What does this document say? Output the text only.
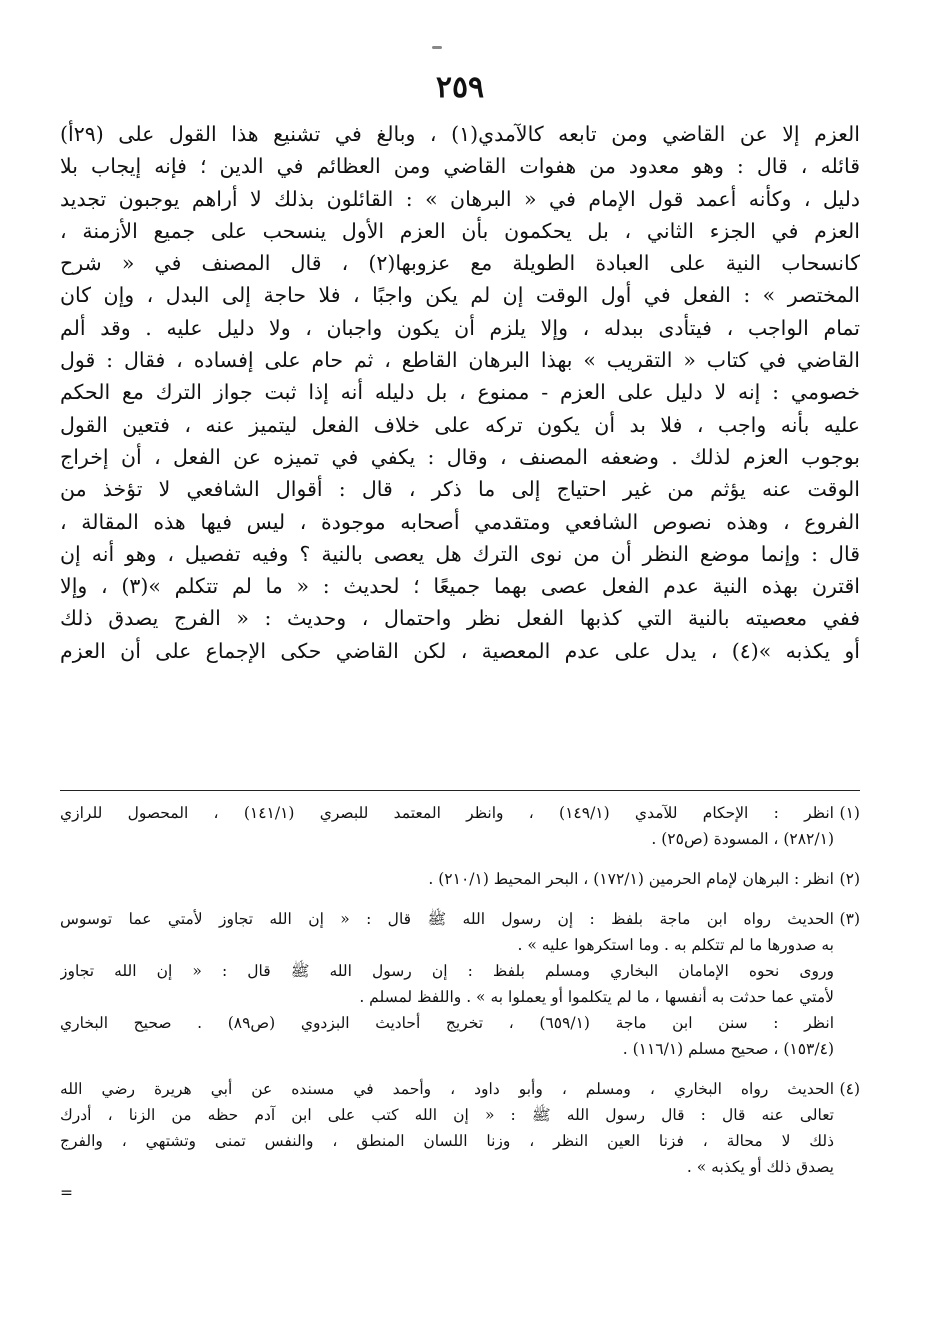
٢٥٩
العزم إلا عن القاضي ومن تابعه كالآمدي(١) ، وبالغ في تشنيع هذا القول على (٢٩أ)
قائله ، قال : وهو معدود من هفوات القاضي ومن العظائم في الدين ؛ فإنه إيجاب بلا
دليل ، وكأنه أعمد قول الإمام في « البرهان » : القائلون بذلك لا أراهم يوجبون تجديد
العزم في الجزء الثاني ، بل يحكمون بأن العزم الأول ينسحب على جميع الأزمنة ،
كانسحاب النية على العبادة الطويلة مع عزوبها(٢) ، قال المصنف في « شرح
المختصر » : الفعل في أول الوقت إن لم يكن واجبًا ، فلا حاجة إلى البدل ، وإن كان
تمام الواجب ، فيتأدى ببدله ، وإلا يلزم أن يكون واجبان ، ولا دليل عليه . وقد ألم
القاضي في كتاب « التقريب » بهذا البرهان القاطع ، ثم حام على إفساده ، فقال : قول
خصومي : إنه لا دليل على العزم - ممنوع ، بل دليله أنه إذا ثبت جواز الترك مع الحكم
عليه بأنه واجب ، فلا بد أن يكون تركه على خلاف الفعل ليتميز عنه ، فتعين القول
بوجوب العزم لذلك . وضعفه المصنف ، وقال : يكفي في تميزه عن الفعل ، أن إخراج
الوقت عنه يؤثم من غير احتياج إلى ما ذكر ، قال : أقوال الشافعي لا تؤخذ من
الفروع ، وهذه نصوص الشافعي ومتقدمي أصحابه موجودة ، ليس فيها هذه المقالة ،
قال : وإنما موضع النظر أن من نوى الترك هل يعصى بالنية ؟ وفيه تفصيل ، وهو أنه إن
اقترن بهذه النية عدم الفعل عصى بهما جميعًا ؛ لحديث : « ما لم تتكلم »(٣) ، وإلا
ففي معصيته بالنية التي كذبها الفعل نظر واحتمال ، وحديث : « الفرج يصدق ذلك
أو يكذبه »(٤) ، يدل على عدم المعصية ، لكن القاضي حكى الإجماع على أن العزم
(١)انظر : الإحكام للآمدي (١٤٩/١) ، وانظر المعتمد للبصري (١٤١/١) ، المحصول للرازي
(٢٨٢/١) ، المسودة (ص٢٥) .
(٢)انظر : البرهان لإمام الحرمين (١٧٢/١) ، البحر المحيط (٢١٠/١) .
(٣)الحديث رواه ابن ماجة بلفظ : إن رسول الله ﷺ قال : « إن الله تجاوز لأمتي عما توسوس
به صدورها ما لم تتكلم به . وما استكرهوا عليه » .
وروى نحوه الإمامان البخاري ومسلم بلفظ : إن رسول الله ﷺ قال : « إن الله تجاوز
لأمتي عما حدثت به أنفسها ، ما لم يتكلموا أو يعملوا به » . واللفظ لمسلم .
انظر : سنن ابن ماجة (٦٥٩/١) ، تخريج أحاديث البزدوي (ص٨٩) . صحيح البخاري
(١٥٣/٤) ، صحيح مسلم (١١٦/١) .
(٤)الحديث رواه البخاري ، ومسلم ، وأبو داود ، وأحمد في مسنده عن أبي هريرة رضي الله
تعالى عنه قال : قال رسول الله ﷺ : « إن الله كتب على ابن آدم حظه من الزنا ، أدرك
ذلك لا محالة ، فزنا العين النظر ، وزنا اللسان المنطق ، والنفس تمنى وتشتهي ، والفرج
يصدق ذلك أو يكذبه » .
=
